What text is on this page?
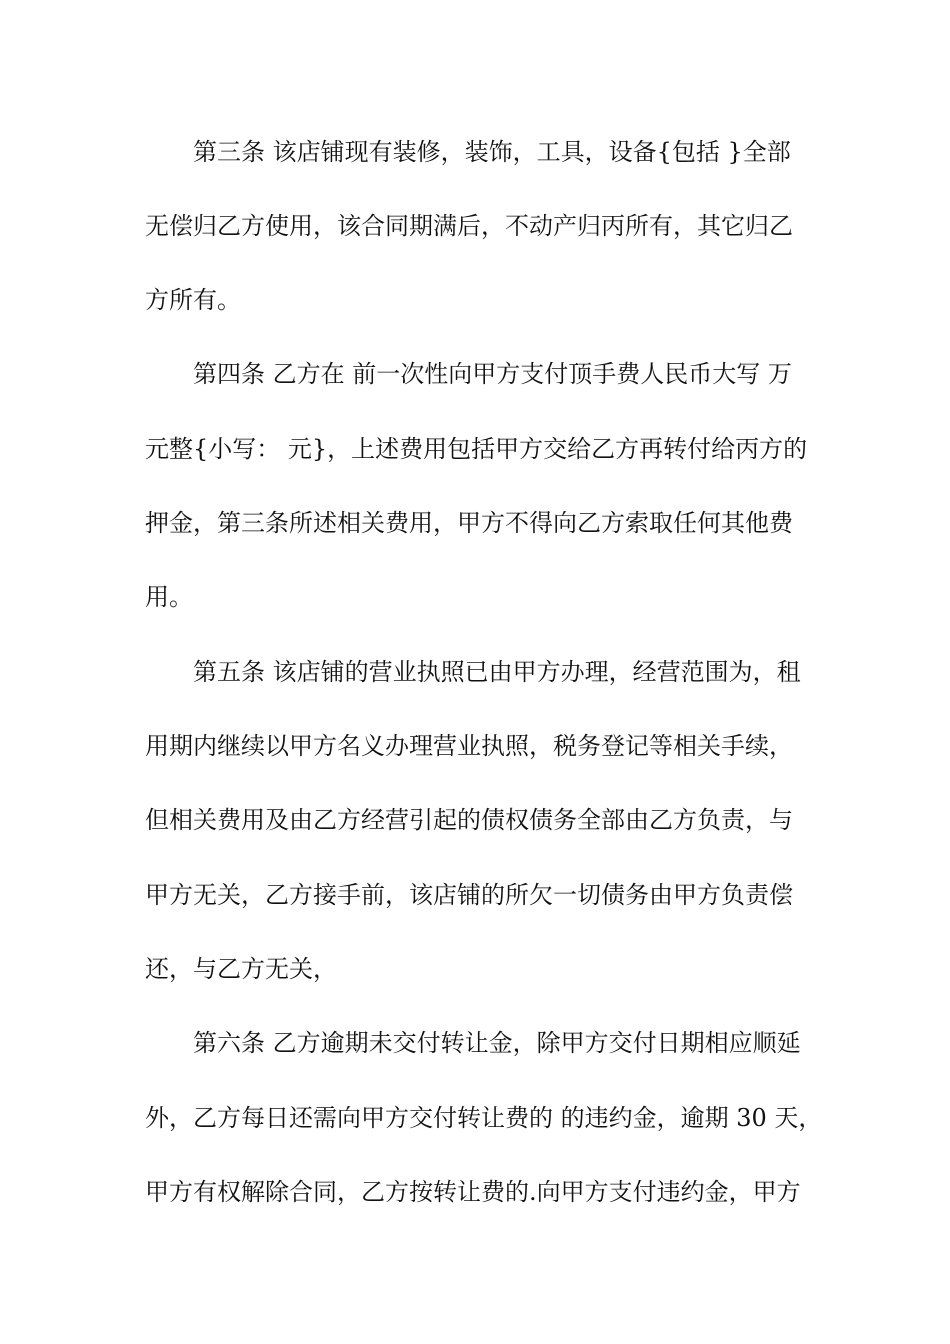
第三条 该店铺现有装修，装饰，工具，设备{包括 }全部
无偿归乙方使用，该合同期满后，不动产归丙所有，其它归乙
方所有。
第四条 乙方在 前一次性向甲方支付顶手费人民币大写 万
元整{小写： 元}，上述费用包括甲方交给乙方再转付给丙方的
押金，第三条所述相关费用，甲方不得向乙方索取任何其他费
用。
第五条 该店铺的营业执照已由甲方办理，经营范围为，租
用期内继续以甲方名义办理营业执照，税务登记等相关手续，
但相关费用及由乙方经营引起的债权债务全部由乙方负责，与
甲方无关，乙方接手前，该店铺的所欠一切债务由甲方负责偿
还，与乙方无关，
第六条 乙方逾期未交付转让金，除甲方交付日期相应顺延
外，乙方每日还需向甲方交付转让费的 的违约金，逾期 30 天，
甲方有权解除合同，乙方按转让费的.向甲方支付违约金，甲方
